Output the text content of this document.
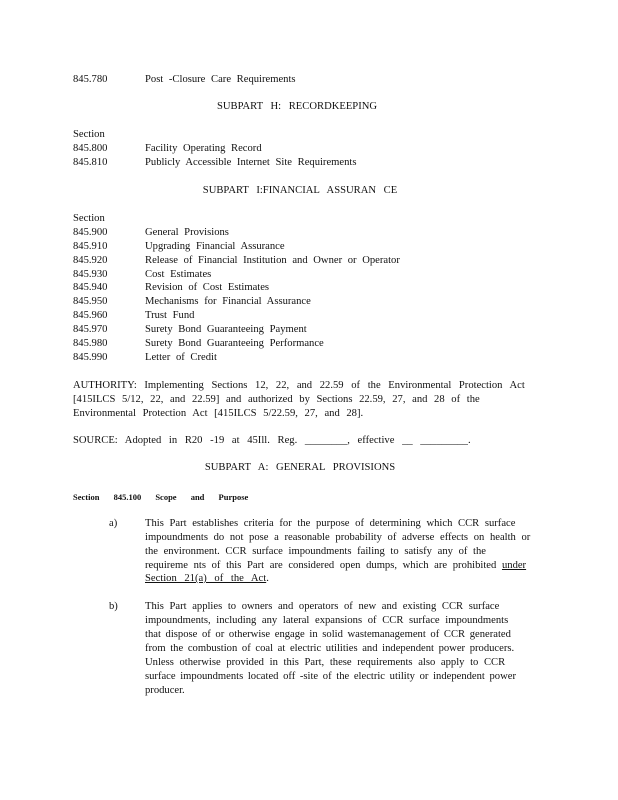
845.780	Post -Closure Care Requirements
SUBPART H: RECORDKEEPING
Section
845.800	Facility Operating Record
845.810	Publicly Accessible Internet Site Requirements
SUBPART I:FINANCIAL ASSURAN CE
Section
845.900	General Provisions
845.910	Upgrading Financial Assurance
845.920	Release of Financial Institution and Owner or Operator
845.930	Cost Estimates
845.940	Revision of Cost Estimates
845.950	Mechanisms for Financial Assurance
845.960	Trust Fund
845.970	Surety Bond Guaranteeing Payment
845.980	Surety Bond Guaranteeing Performance
845.990	Letter of Credit
AUTHORITY: Implementing Sections 12, 22, and 22.59 of the Environmental Protection Act
[415ILCS 5/12, 22, and 22.59] and authorized by Sections 22.59, 27, and 28 of the
Environmental Protection Act [415ILCS 5/22.59, 27, and 28].
SOURCE: Adopted in R20 -19 at 45Ill. Reg. ________, effective __ _________.
SUBPART A: GENERAL PROVISIONS
Section 845.100 Scope and Purpose
a)	This Part establishes criteria for the purpose of determining which CCR surface
impoundments do not pose a reasonable probability of adverse effects on health or
the environment. CCR surface impoundments failing to satisfy any of the
requireme nts of this Part are considered open dumps, which are prohibited under
Section 21(a) of the Act.
b)	This Part applies to owners and operators of new and existing CCR surface
impoundments, including any lateral expansions of CCR surface impoundments
that dispose of or otherwise engage in solid wastemanagement of CCR generated
from the combustion of coal at electric utilities and independent power producers.
Unless otherwise provided in this Part, these requirements also apply to CCR
surface impoundments located off -site of the electric utility or independent power
producer.
